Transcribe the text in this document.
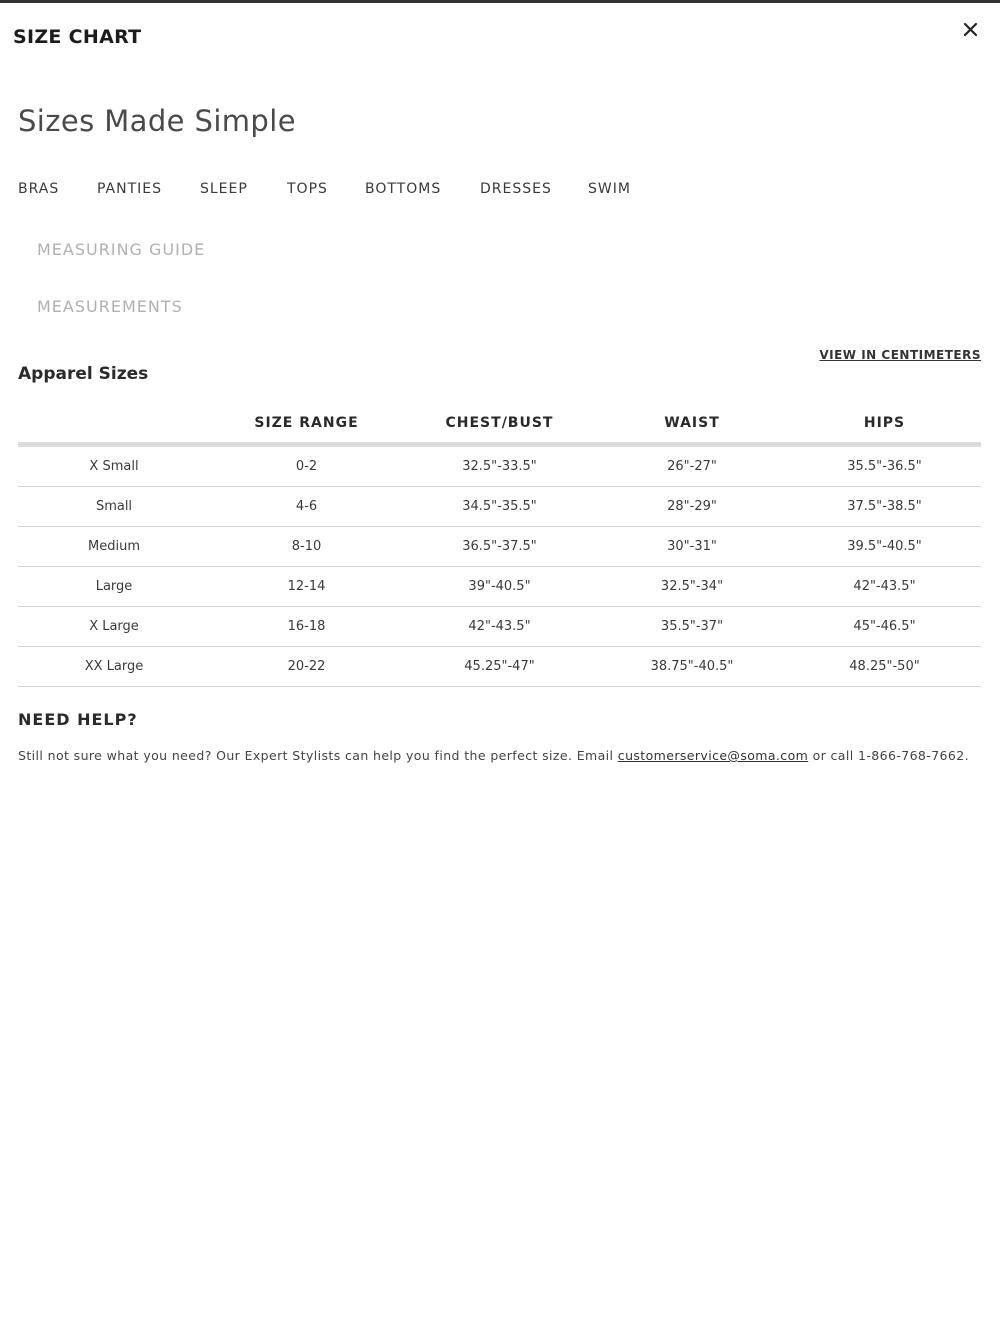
SIZE CHART
Sizes Made Simple
BRAS	PANTIES	SLEEP	TOPS	BOTTOMS	DRESSES	SWIM
MEASURING GUIDE
MEASUREMENTS
VIEW IN CENTIMETERS
Apparel Sizes
	SIZE RANGE	CHEST/BUST	WAIST	HIPS
X Small	0-2	32.5"-33.5"	26"-27"	35.5"-36.5"
Small	4-6	34.5"-35.5"	28"-29"	37.5"-38.5"
Medium	8-10	36.5"-37.5"	30"-31"	39.5"-40.5"
Large	12-14	39"-40.5"	32.5"-34"	42"-43.5"
X Large	16-18	42"-43.5"	35.5"-37"	45"-46.5"
XX Large	20-22	45.25"-47"	38.75"-40.5"	48.25"-50"
NEED HELP?
Still not sure what you need? Our Expert Stylists can help you find the perfect size. Email customerservice@soma.com or call 1-866-768-7662.
